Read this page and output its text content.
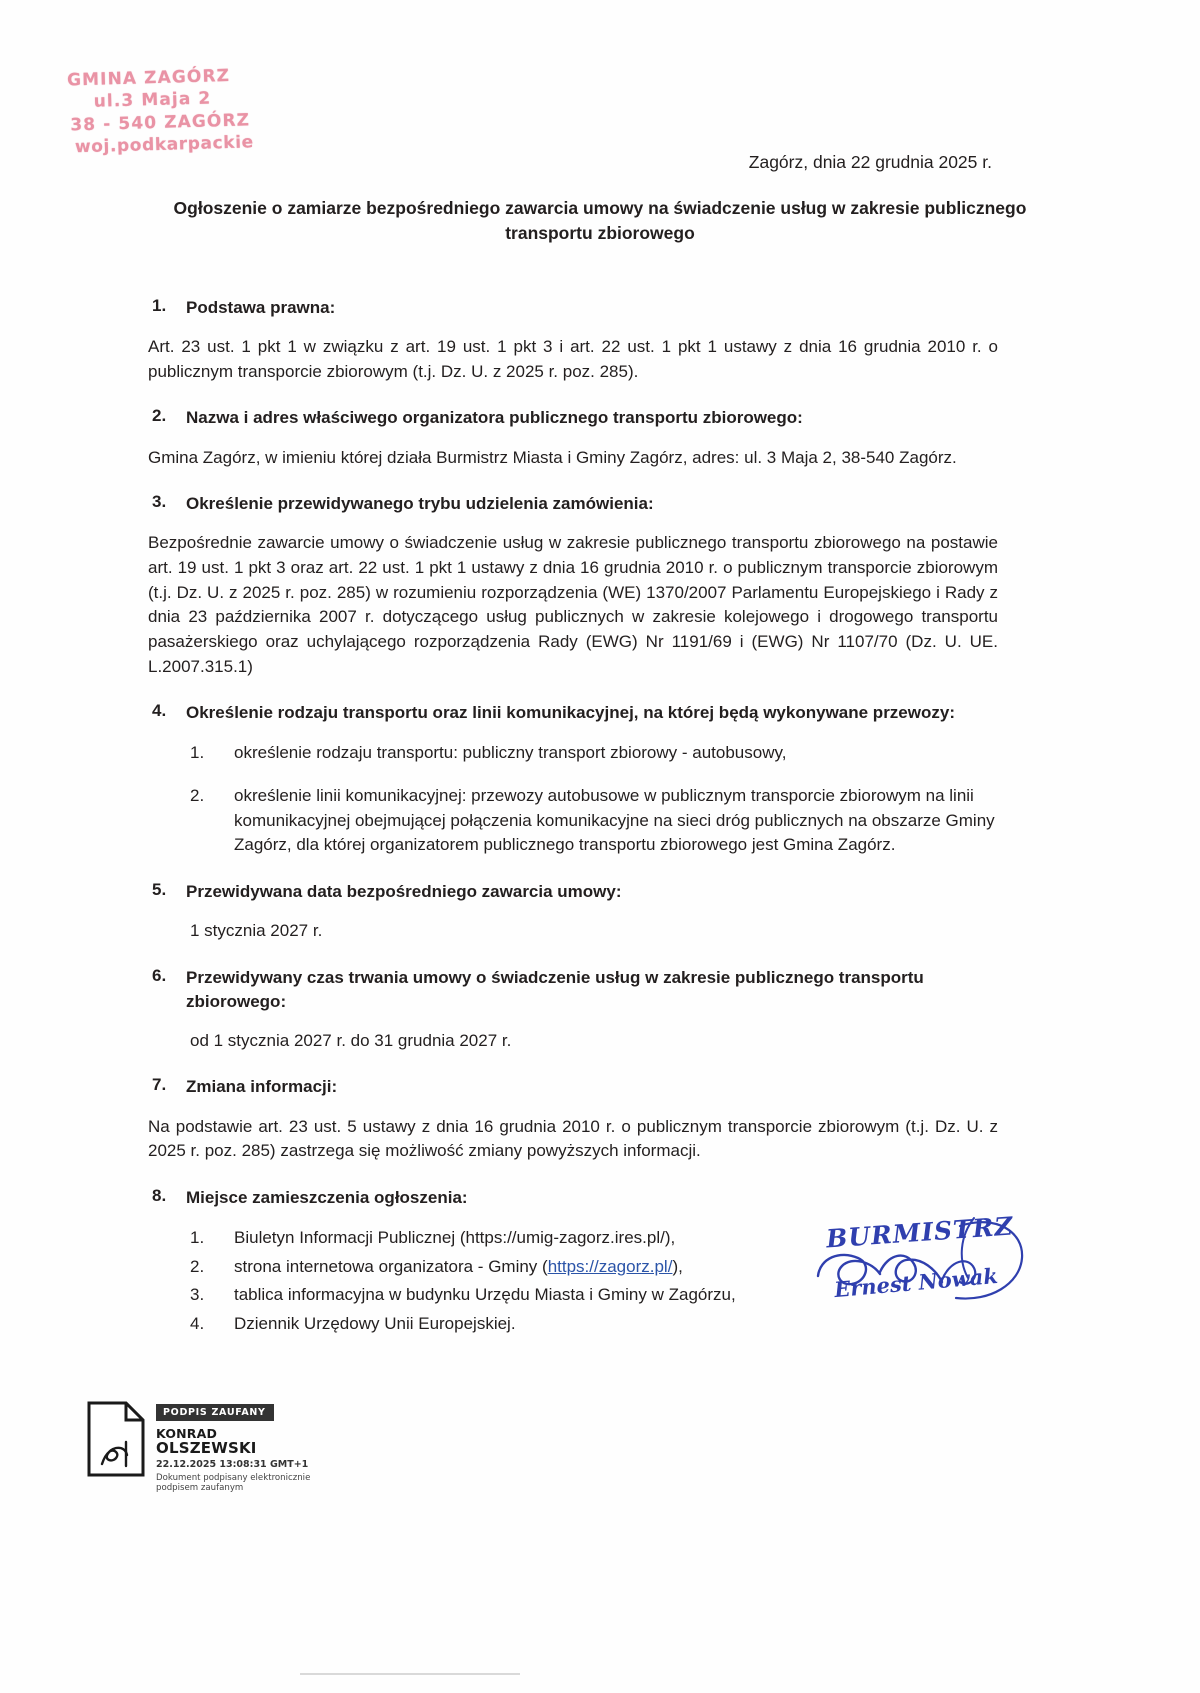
GMINA ZAGÓRZ
ul.3 Maja 2
38 - 540 ZAGÓRZ
woj.podkarpackie
Zagórz, dnia 22 grudnia 2025 r.
Ogłoszenie o zamiarze bezpośredniego zawarcia umowy na świadczenie usług w zakresie publicznego transportu zbiorowego
1.	Podstawa prawna:
Art. 23 ust. 1 pkt 1 w związku z art. 19 ust. 1 pkt 3 i art. 22 ust. 1 pkt 1 ustawy z dnia 16 grudnia 2010 r. o publicznym transporcie zbiorowym (t.j. Dz. U. z 2025 r. poz. 285).
2.	Nazwa i adres właściwego organizatora publicznego transportu zbiorowego:
Gmina Zagórz, w imieniu której działa Burmistrz Miasta i Gminy Zagórz, adres: ul. 3 Maja 2, 38-540 Zagórz.
3.	Określenie przewidywanego trybu udzielenia zamówienia:
Bezpośrednie zawarcie umowy o świadczenie usług w zakresie publicznego transportu zbiorowego na postawie art. 19 ust. 1 pkt 3 oraz art. 22 ust. 1 pkt 1 ustawy z dnia 16 grudnia 2010 r. o publicznym transporcie zbiorowym (t.j. Dz. U. z 2025 r. poz. 285) w rozumieniu rozporządzenia (WE) 1370/2007 Parlamentu Europejskiego i Rady z dnia 23 października 2007 r. dotyczącego usług publicznych w zakresie kolejowego i drogowego transportu pasażerskiego oraz uchylającego rozporządzenia Rady (EWG) Nr 1191/69 i (EWG) Nr 1107/70 (Dz. U. UE. L.2007.315.1)
4.	Określenie rodzaju transportu oraz linii komunikacyjnej, na której będą wykonywane przewozy:
1.	określenie rodzaju transportu: publiczny transport zbiorowy - autobusowy,
2.	określenie linii komunikacyjnej: przewozy autobusowe w publicznym transporcie zbiorowym na linii komunikacyjnej obejmującej połączenia komunikacyjne na sieci dróg publicznych na obszarze Gminy Zagórz, dla której organizatorem publicznego transportu zbiorowego jest Gmina Zagórz.
5.	Przewidywana data bezpośredniego zawarcia umowy:
1 stycznia 2027 r.
6.	Przewidywany czas trwania umowy o świadczenie usług w zakresie publicznego transportu zbiorowego:
od 1 stycznia 2027 r. do 31 grudnia 2027 r.
7.	Zmiana informacji:
Na podstawie art. 23 ust. 5 ustawy z dnia 16 grudnia 2010 r. o publicznym transporcie zbiorowym (t.j. Dz. U. z 2025 r. poz. 285) zastrzega się możliwość zmiany powyższych informacji.
8.	Miejsce zamieszczenia ogłoszenia:
1.	Biuletyn Informacji Publicznej (https://umig-zagorz.ires.pl/),
2.	strona internetowa organizatora - Gminy (https://zagorz.pl/),
3.	tablica informacyjna w budynku Urzędu Miasta i Gminy w Zagórzu,
4.	Dziennik Urzędowy Unii Europejskiej.
BURMISTRZ
Ernest Nowak
PODPIS ZAUFANY
KONRAD
OLSZEWSKI
22.12.2025 13:08:31 GMT+1
Dokument podpisany elektronicznie
podpisem zaufanym
